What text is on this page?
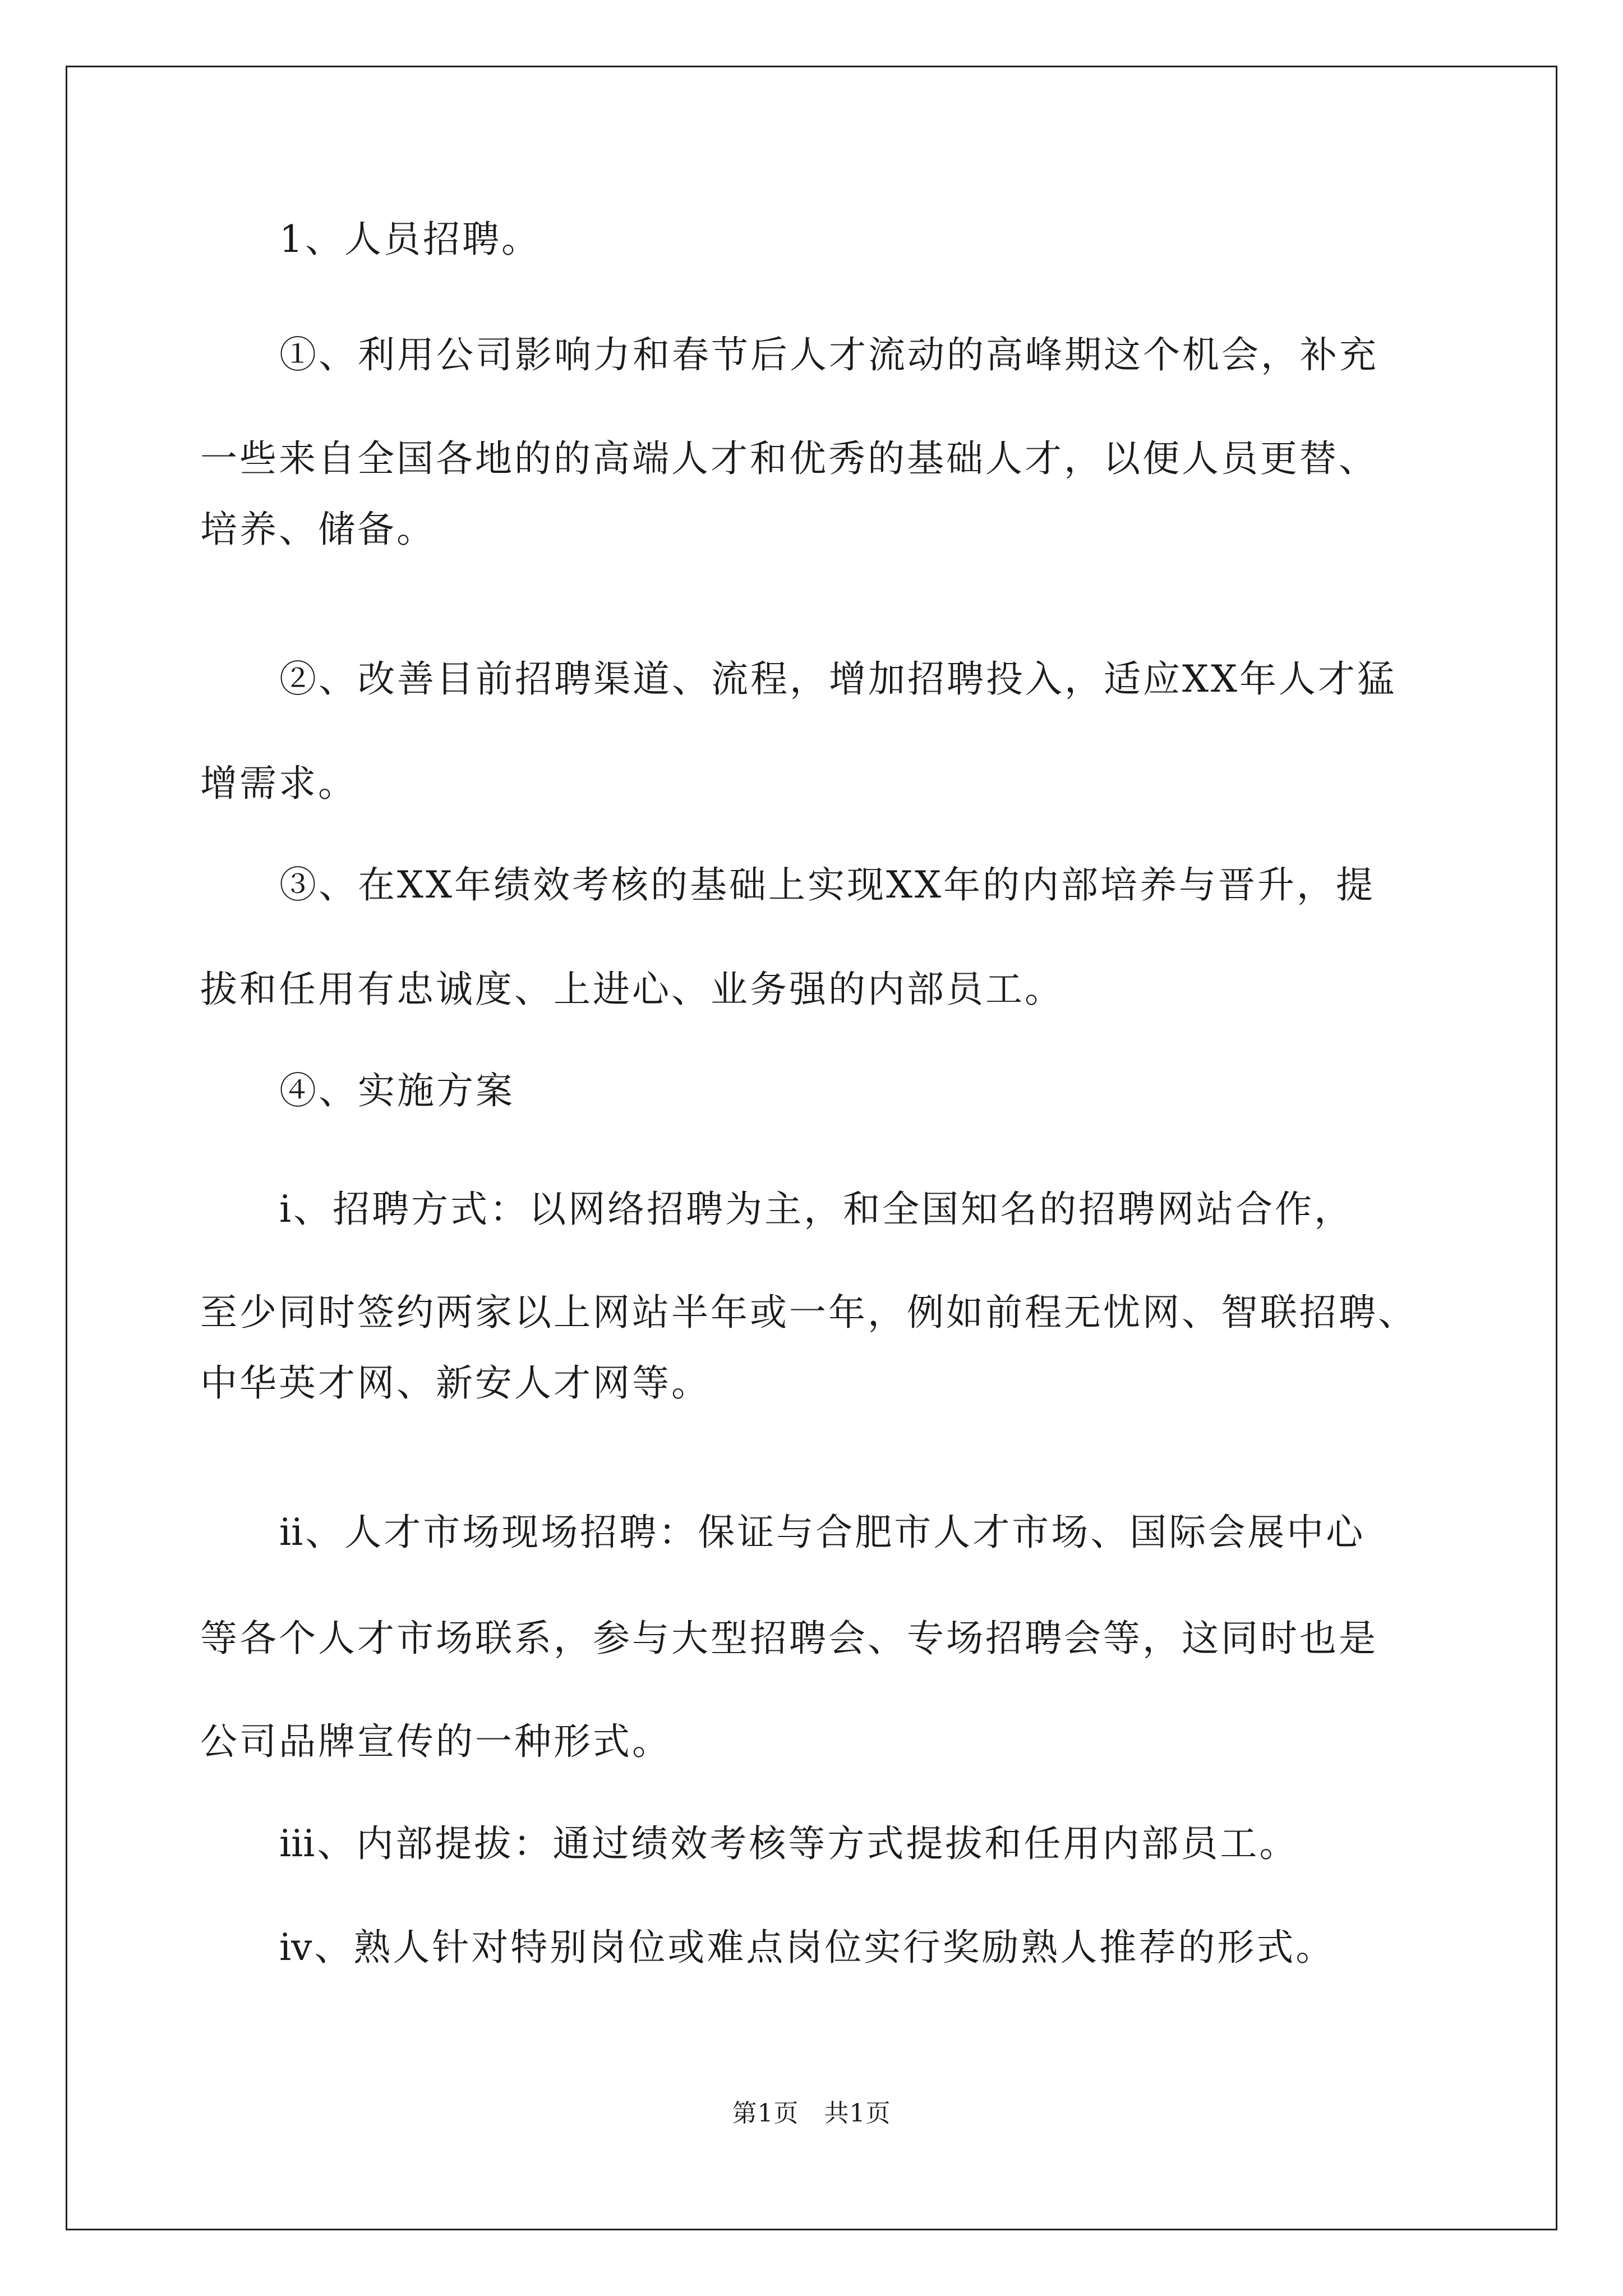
1、人员招聘。
①、利用公司影响力和春节后人才流动的高峰期这个机会，补充
一些来自全国各地的的高端人才和优秀的基础人才，以便人员更替、
培养、储备。
②、改善目前招聘渠道、流程，增加招聘投入，适应XX年人才猛
增需求。
③、在XX年绩效考核的基础上实现XX年的内部培养与晋升，提
拔和任用有忠诚度、上进心、业务强的内部员工。
④、实施方案
ⅰ、招聘方式：以网络招聘为主，和全国知名的招聘网站合作，
至少同时签约两家以上网站半年或一年，例如前程无忧网、智联招聘、
中华英才网、新安人才网等。
ⅱ、人才市场现场招聘：保证与合肥市人才市场、国际会展中心
等各个人才市场联系，参与大型招聘会、专场招聘会等，这同时也是
公司品牌宣传的一种形式。
ⅲ、内部提拔：通过绩效考核等方式提拔和任用内部员工。
ⅳ、熟人针对特别岗位或难点岗位实行奖励熟人推荐的形式。
第1页　共1页
